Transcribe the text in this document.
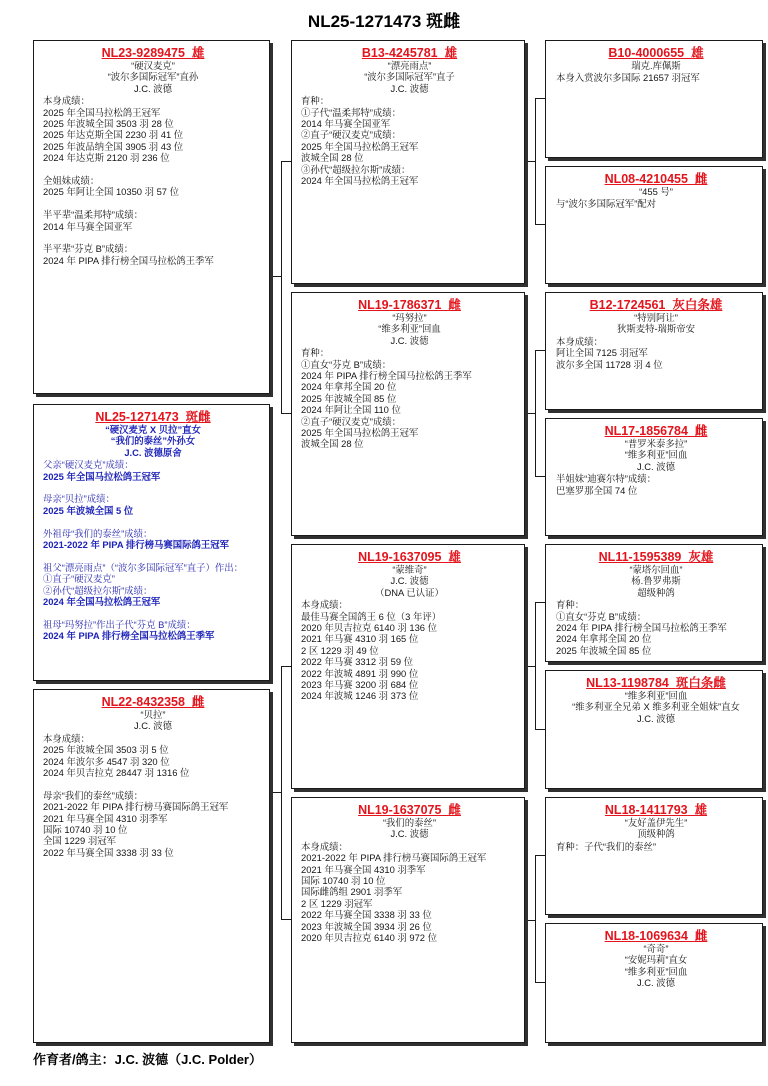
NL25-1271473 斑雌
NL23-9289475 雄
“硬汉麦克”
“波尔多国际冠军”直孙
J.C. 波德
本身成绩：
2025 年全国马拉松鸽王冠军
2025 年波城全国 3503 羽 28 位
2025 年达克斯全国 2230 羽 41 位
2025 年波品纳全国 3905 羽 43 位
2024 年达克斯 2120 羽 236 位
全姐妹成绩：
2025 年阿让全国 10350 羽 57 位
半平辈“温柔邦特”成绩：
2014 年马赛全国亚军
半平辈“芬克 B”成绩：
2024 年 PIPA 排行榜全国马拉松鸽王季军
NL25-1271473 斑雌
“硬汉麦克 X 贝拉”直女
“我们的泰丝”外孙女
J.C. 波德原舍
父亲“硬汉麦克”成绩：
2025 年全国马拉松鸽王冠军
母亲“贝拉”成绩：
2025 年波城全国 5 位
外祖母“我们的泰丝”成绩：
2021-2022 年 PIPA 排行榜马赛国际鸽王冠军
祖父“漂亮雨点”（“波尔多国际冠军”直子）作出：
①直子“硬汉麦克”
②孙代“超级拉尔斯”成绩：
2024 年全国马拉松鸽王冠军
祖母“玛努拉”作出子代“芬克 B”成绩：
2024 年 PIPA 排行榜全国马拉松鸽王季军
NL22-8432358 雌
“贝拉”
J.C. 波德
本身成绩：
2025 年波城全国 3503 羽 5 位
2024 年波尔多 4547 羽 320 位
2024 年贝吉拉克 28447 羽 1316 位
母亲“我们的泰丝”成绩：
2021-2022 年 PIPA 排行榜马赛国际鸽王冠军
2021 年马赛全国 4310 羽季军
国际 10740 羽 10 位
全国 1229 羽冠军
2022 年马赛全国 3338 羽 33 位
B13-4245781 雄
“漂亮雨点”
“波尔多国际冠军”直子
J.C. 波德
育种：
①子代“温柔邦特”成绩：
2014 年马赛全国亚军
②直子“硬汉麦克”成绩：
2025 年全国马拉松鸽王冠军
波城全国 28 位
③孙代“超级拉尔斯”成绩：
2024 年全国马拉松鸽王冠军
NL19-1786371 雌
“玛努拉”
“维多利亚”回血
J.C. 波德
育种：
①直女“芬克 B”成绩：
2024 年 PIPA 排行榜全国马拉松鸽王季军
2024 年拿邦全国 20 位
2025 年波城全国 85 位
2024 年阿让全国 110 位
②直子“硬汉麦克”成绩：
2025 年全国马拉松鸽王冠军
波城全国 28 位
NL19-1637095 雄
“蒙维奇”
J.C. 波德
（DNA 已认证）
本身成绩：
最佳马赛全国鸽王 6 位（3 年评）
2020 年贝吉拉克 6140 羽 136 位
2021 年马赛 4310 羽 165 位
2 区 1229 羽 49 位
2022 年马赛 3312 羽 59 位
2022 年波城 4891 羽 990 位
2023 年马赛 3200 羽 684 位
2024 年波城 1246 羽 373 位
NL19-1637075 雌
“我们的泰丝”
J.C. 波德
本身成绩：
2021-2022 年 PIPA 排行榜马赛国际鸽王冠军
2021 年马赛全国 4310 羽季军
国际 10740 羽 10 位
国际雌鸽组 2901 羽季军
2 区 1229 羽冠军
2022 年马赛全国 3338 羽 33 位
2023 年波城全国 3934 羽 26 位
2020 年贝吉拉克 6140 羽 972 位
B10-4000655 雄
瑞克.库佩斯
本身入赏波尔多国际 21657 羽冠军
NL08-4210455 雌
“455 号”
与“波尔多国际冠军”配对
B12-1724561 灰白条雄
“特别阿让”
狄斯麦特-瑞斯帝安
本身成绩：
阿让全国 7125 羽冠军
波尔多全国 11728 羽 4 位
NL17-1856784 雌
“普罗米泰多拉”
“维多利亚”回血
J.C. 波德
半姐妹“迪赛尔特”成绩：
巴塞罗那全国 74 位
NL11-1595389 灰雄
“蒙塔尔回血”
杨.鲁罗弗斯
超级种鸽
育种：
①直女“芬克 B”成绩：
2024 年 PIPA 排行榜全国马拉松鸽王季军
2024 年拿邦全国 20 位
2025 年波城全国 85 位
NL13-1198784 斑白条雌
“维多利亚”回血
“维多利亚全兄弟 X 维多利亚全姐妹”直女
J.C. 波德
NL18-1411793 雄
“友好盖伊先生”
顶级种鸽
育种：子代“我们的泰丝”
NL18-1069634 雌
“奇奇”
“安妮玛莉”直女
“维多利亚”回血
J.C. 波德
作育者/鸽主：J.C. 波德（J.C. Polder）
